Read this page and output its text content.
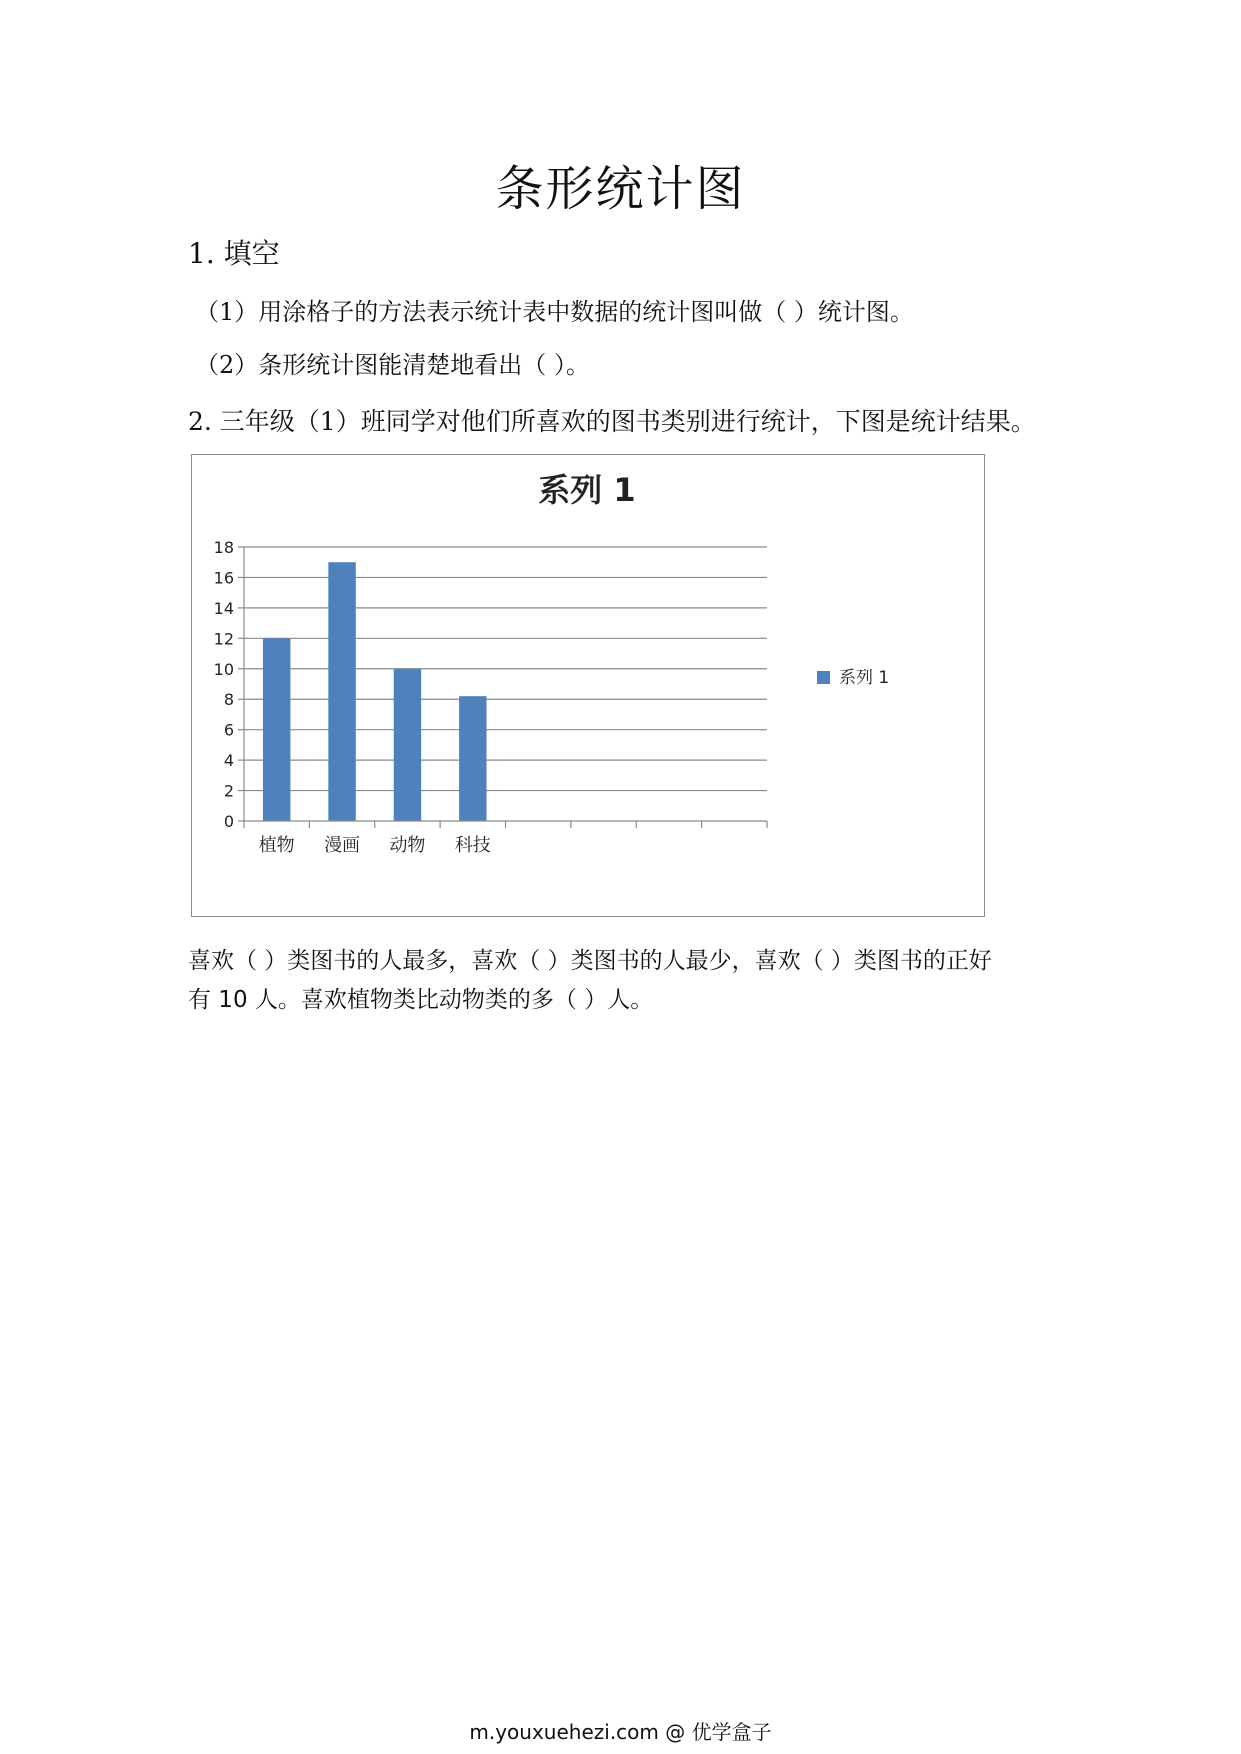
条形统计图

1. 填空

（1）用涂格子的方法表示统计表中数据的统计图叫做（ ）统计图。

（2）条形统计图能清楚地看出（ ）。

2. 三年级（1）班同学对他们所喜欢的图书类别进行统计，下图是统计结果。

系列 1
0
2
4
6
8
10
12
14
16
18
植物 漫画 动物 科技
系列 1

喜欢（ ）类图书的人最多，喜欢（ ）类图书的人最少，喜欢（ ）类图书的正好
有 10 人。喜欢植物类比动物类的多（ ）人。

m.youxuehezi.com @ 优学盒子
